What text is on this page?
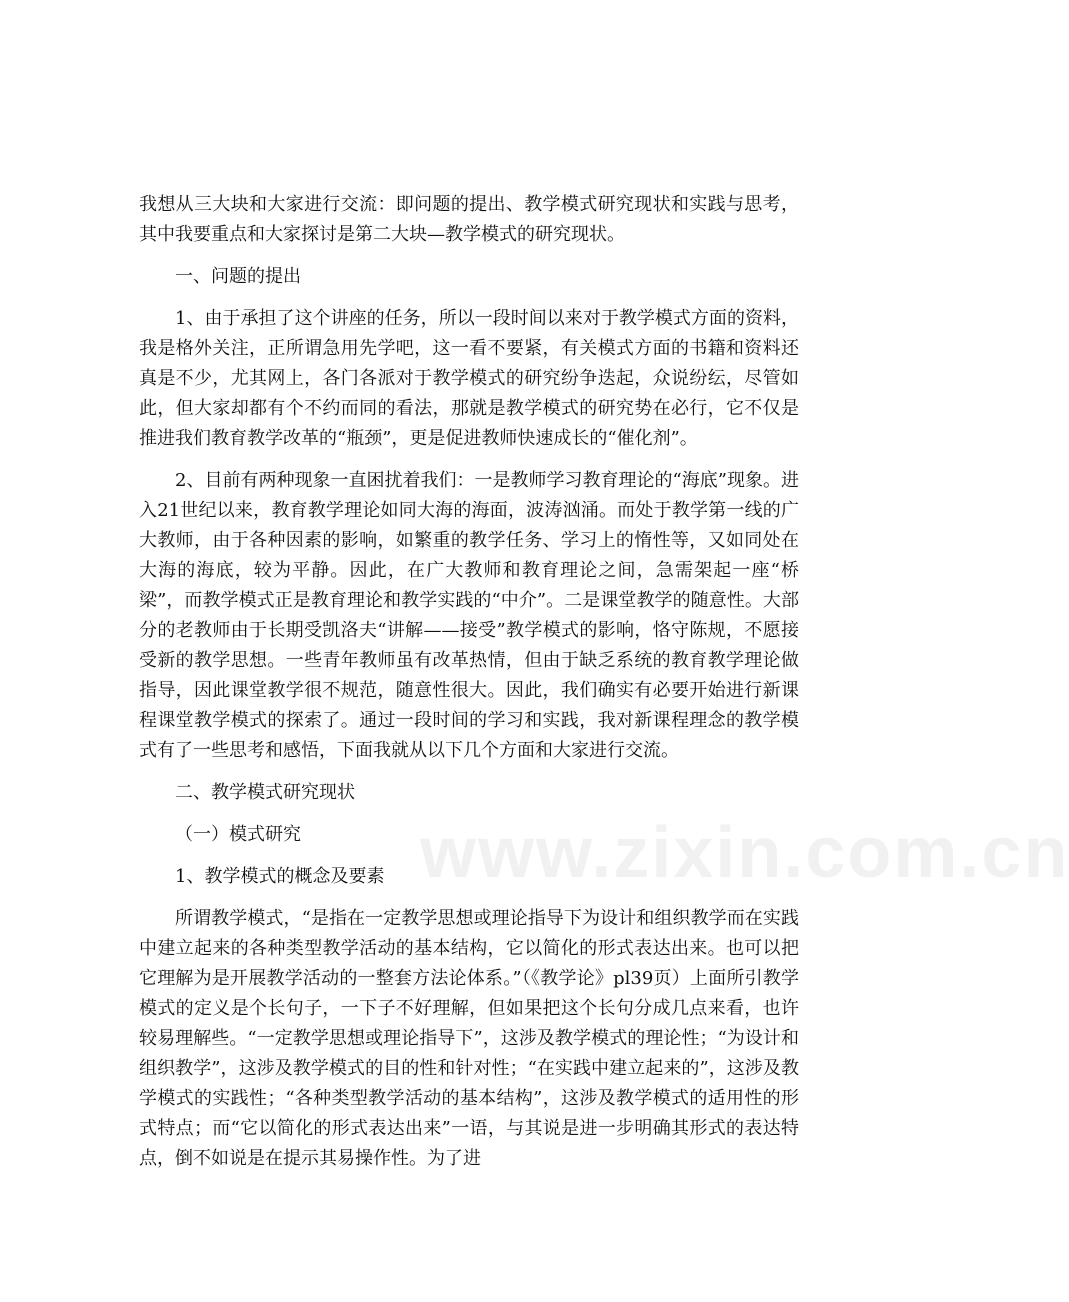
我想从三大块和大家进行交流：即问题的提出、教学模式研究现状和实践与思考，其中我要重点和大家探讨是第二大块—教学模式的研究现状。

一、问题的提出

1、由于承担了这个讲座的任务，所以一段时间以来对于教学模式方面的资料，我是格外关注，正所谓急用先学吧，这一看不要紧，有关模式方面的书籍和资料还真是不少，尤其网上，各门各派对于教学模式的研究纷争迭起，众说纷纭，尽管如此，但大家却都有个不约而同的看法，那就是教学模式的研究势在必行，它不仅是推进我们教育教学改革的“瓶颈”，更是促进教师快速成长的“催化剂”。

2、目前有两种现象一直困扰着我们：一是教师学习教育理论的“海底”现象。进入21世纪以来，教育教学理论如同大海的海面，波涛汹涌。而处于教学第一线的广大教师，由于各种因素的影响，如繁重的教学任务、学习上的惰性等，又如同处在大海的海底，较为平静。因此，在广大教师和教育理论之间，急需架起一座“桥梁”，而教学模式正是教育理论和教学实践的“中介”。二是课堂教学的随意性。大部分的老教师由于长期受凯洛夫“讲解——接受”教学模式的影响，恪守陈规，不愿接受新的教学思想。一些青年教师虽有改革热情，但由于缺乏系统的教育教学理论做指导，因此课堂教学很不规范，随意性很大。因此，我们确实有必要开始进行新课程课堂教学模式的探索了。通过一段时间的学习和实践，我对新课程理念的教学模式有了一些思考和感悟，下面我就从以下几个方面和大家进行交流。

二、教学模式研究现状

（一）模式研究

1、教学模式的概念及要素

所谓教学模式，“是指在一定教学思想或理论指导下为设计和组织教学而在实践中建立起来的各种类型教学活动的基本结构，它以简化的形式表达出来。也可以把它理解为是开展教学活动的一整套方法论体系。”（《教学论》pl39页）上面所引教学模式的定义是个长句子，一下子不好理解，但如果把这个长句分成几点来看，也许较易理解些。“一定教学思想或理论指导下”，这涉及教学模式的理论性；“为设计和组织教学”，这涉及教学模式的目的性和针对性；“在实践中建立起来的”，这涉及教学模式的实践性；“各种类型教学活动的基本结构”，这涉及教学模式的适用性的形式特点；而“它以简化的形式表达出来”一语，与其说是进一步明确其形式的表达特点，倒不如说是在提示其易操作性。为了进

www.zixin.com.cn
